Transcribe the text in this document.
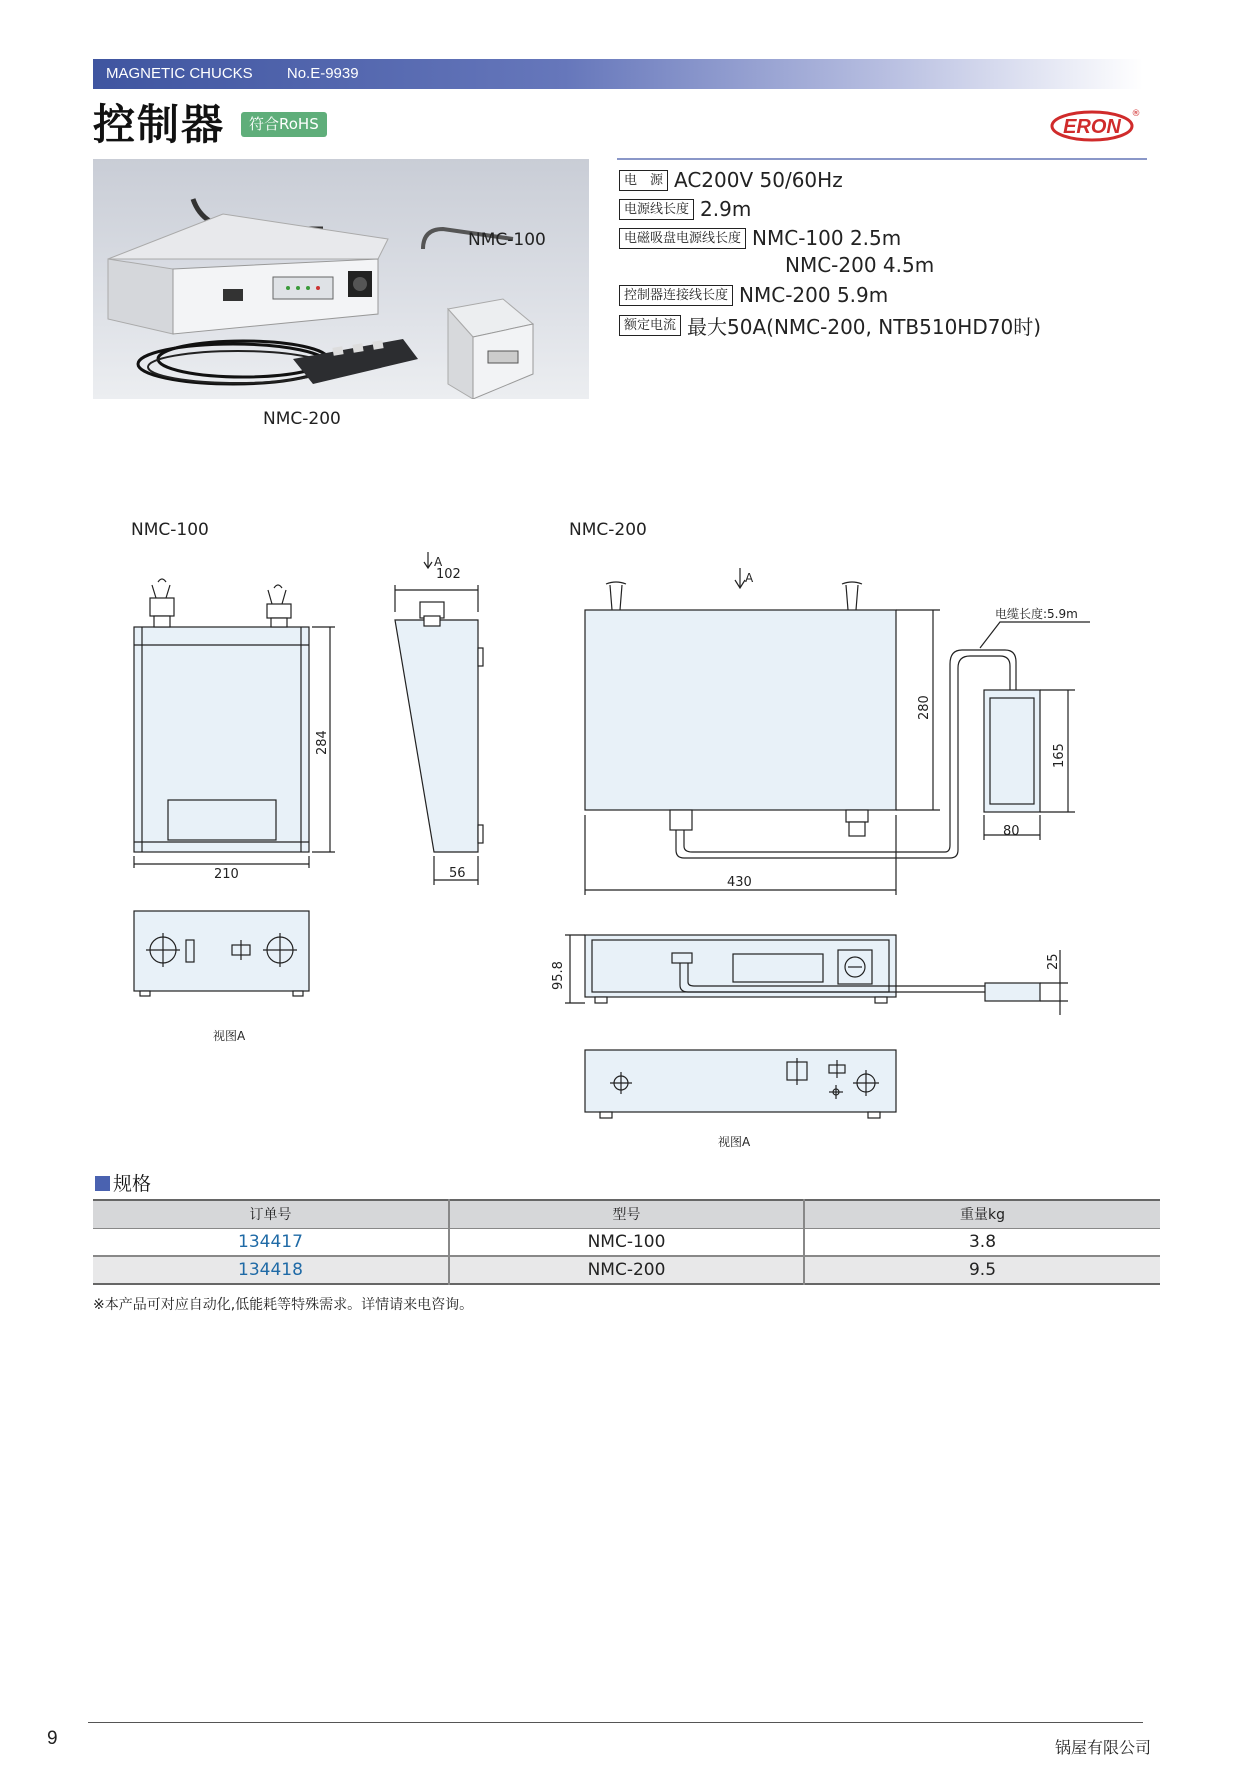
MAGNETIC CHUCKS No.E-9939
控制器	符合RoHS	ERON
®
NMC-100
NMC-200
电　源 AC200V 50/60Hz
电源线长度 2.9m
电磁吸盘电源线长度 NMC-100 2.5m
NMC-200 4.5m
控制器连接线长度 NMC-200 5.9m
额定电流 最大50A(NMC-200, NTB510HD70时)
NMC-100	NMC-200
210
284
102
A
56
视图A
280
430
A
电缆长度:5.9m
165
80
95.8	25
视图A
规格
订单号	型号	重量kg
134417	NMC-100	3.8
134418	NMC-200	9.5
※本产品可对应自动化,低能耗等特殊需求。详情请来电咨询。
9	锅屋有限公司
